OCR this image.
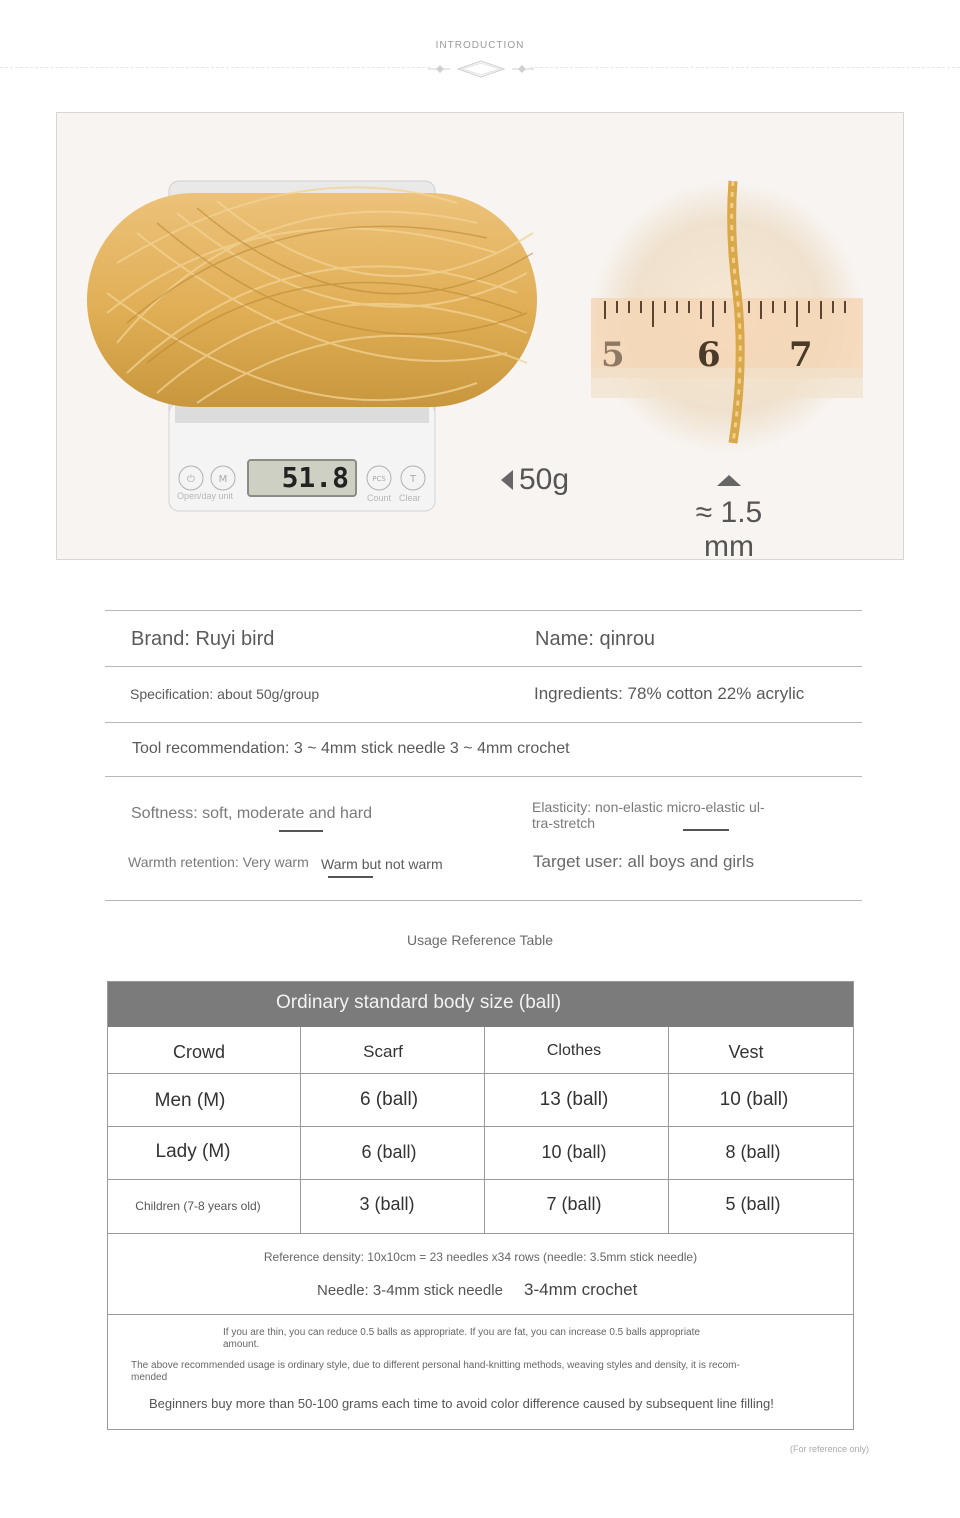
INTRODUCTION
⏻ M	PCS T
51.8
Open/day unit	Count Clear
5 6 7
50g
≈ 1.5 mm
Brand: Ruyi bird	Name: qinrou
Specification: about 50g/group	Ingredients: 78% cotton 22% acrylic
Tool recommendation: 3 ~ 4mm stick needle 3 ~ 4mm crochet
Softness: soft, moderate and hard	Elasticity: non-elastic micro-elastic ul-
tra-stretch
Warmth retention: Very warm Warm but not warm	Target user: all boys and girls
Usage Reference Table
Ordinary standard body size (ball)
Crowd	Scarf	Clothes	Vest
Men (M)	6 (ball)	13 (ball)	10 (ball)
Lady (M)	6 (ball)	10 (ball)	8 (ball)
Children (7-8 years old)	3 (ball)	7 (ball)	5 (ball)
Reference density: 10x10cm = 23 needles x34 rows (needle: 3.5mm stick needle)
Needle: 3-4mm stick needle 3-4mm crochet
If you are thin, you can reduce 0.5 balls as appropriate. If you are fat, you can increase 0.5 balls appropriate
amount.
The above recommended usage is ordinary style, due to different personal hand-knitting methods, weaving styles and density, it is recom-
mended
Beginners buy more than 50-100 grams each time to avoid color difference caused by subsequent line filling!
(For reference only)
